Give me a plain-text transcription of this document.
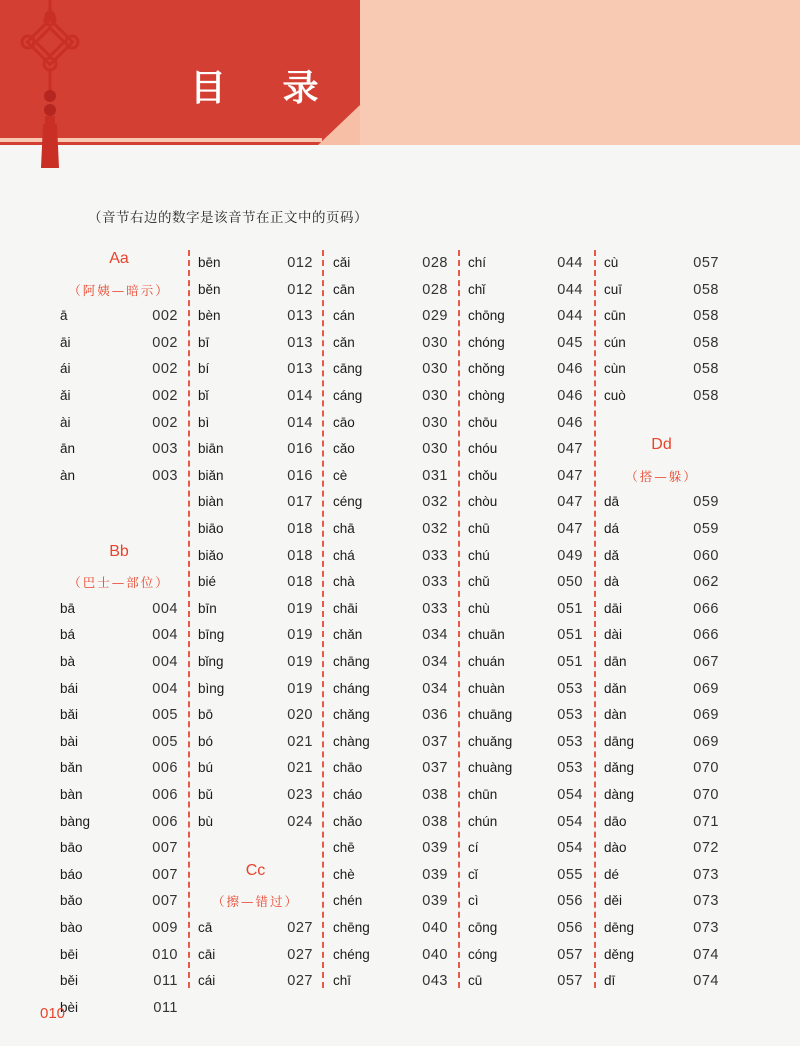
目 录
（音节右边的数字是该音节在正文中的页码）
Aa
（阿姨—暗示）
ā	002
āi	002
ái	002
ǎi	002
ài	002
ān	003
àn	003
Bb
（巴士—部位）
bā	004
bá	004
bà	004
bái	004
bǎi	005
bài	005
bǎn	006
bàn	006
bàng	006
bāo	007
báo	007
bǎo	007
bào	009
bēi	010
běi	011
bèi	011
bēn	012
běn	012
bèn	013
bī	013
bí	013
bǐ	014
bì	014
biān	016
biǎn	016
biàn	017
biāo	018
biǎo	018
bié	018
bīn	019
bīng	019
bǐng	019
bìng	019
bō	020
bó	021
bú	021
bǔ	023
bù	024
Cc
（擦—错过）
cā	027
cāi	027
cái	027
cǎi	028
cān	028
cán	029
cǎn	030
cāng	030
cáng	030
cāo	030
cǎo	030
cè	031
céng	032
chā	032
chá	033
chà	033
chāi	033
chǎn	034
chāng	034
cháng	034
chǎng	036
chàng	037
chāo	037
cháo	038
chǎo	038
chē	039
chè	039
chén	039
chēng	040
chéng	040
chī	043
chí	044
chǐ	044
chōng	044
chóng	045
chǒng	046
chòng	046
chōu	046
chóu	047
chǒu	047
chòu	047
chū	047
chú	049
chǔ	050
chù	051
chuān	051
chuán	051
chuàn	053
chuāng	053
chuǎng	053
chuàng	053
chūn	054
chún	054
cí	054
cǐ	055
cì	056
cōng	056
cóng	057
cū	057
cù	057
cuī	058
cūn	058
cún	058
cùn	058
cuò	058
Dd
（搭—躲）
dā	059
dá	059
dǎ	060
dà	062
dāi	066
dài	066
dān	067
dǎn	069
dàn	069
dāng	069
dǎng	070
dàng	070
dāo	071
dào	072
dé	073
děi	073
dēng	073
děng	074
dī	074
010
